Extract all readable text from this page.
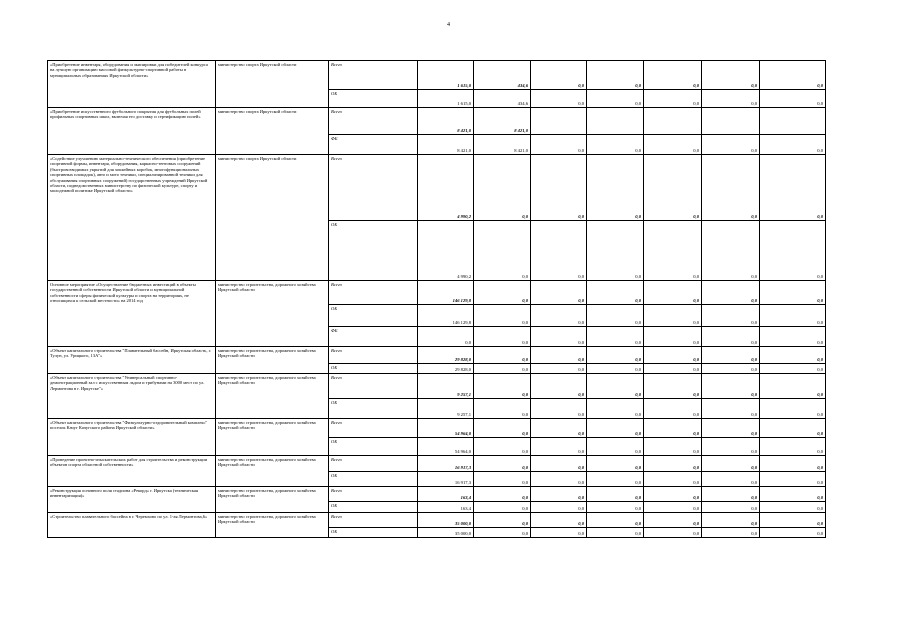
4
«Приобретение инвентаря, оборудования и экипировки для победителей конкурса на лучшую организацию массовой физкультурно-спортивной работы в муниципальных образованиях Иркутской области»	министерство спорта Иркутской области	Всего	1 615,0	434,6	0,0	0,0	0,0	0,0	0,0
		ОБ	1 615,0	434,6	0,0	0,0	0,0	0,0	0,0
«Приобретение искусственного футбольного покрытия для футбольных полей профильных спортивных школ, включая его доставку и сертификацию полей»	министерство спорта Иркутской области	Всего	8 421,0	8 421,0					
		ФБ	8 421,0	8 421,0	0,0	0,0	0,0	0,0	0,0
«Содействие улучшению материально-технического обеспечения (приобретение спортивной формы, инвентаря, оборудования, каркасно-тентовых сооружений (быстровозводимых укрытий для хоккейных коробок, многофункциональных спортивных площадок), авто и мото техники, специализированной техники для обслуживания спортивных сооружений) государственных учреждений Иркутской области, подведомственных министерству по физической культуре, спорту и молодежной политике Иркутской области»	министерство спорта Иркутской области	Всего	4 990,2	0,0	0,0	0,0	0,0	0,0	0,0
		ОБ	4 990,2	0,0	0,0	0,0	0,0	0,0	0,0
Основное мероприятие «Осуществление бюджетных инвестиций в объекты государственной собственности Иркутской области и муниципальной собственности сферы физической культуры и спорта на территориях, не относящихся к сельской местности» на 2014 год	министерство строительства, дорожного хозяйства Иркутской области	Всего	146 129,8	0,0	0,0	0,0	0,0	0,0	0,0
		ОБ	146 129,8	0,0	0,0	0,0	0,0	0,0	0,0
		ФБ	0,0	0,0	0,0	0,0	0,0	0,0	0,0
«Объект капитального строительства "Плавательный бассейн, Иркутская область, г. Тулун, ул. Урицкого, 13А"»	министерство строительства, дорожного хозяйства Иркутской области	Всего	29 828,0	0,0	0,0	0,0	0,0	0,0	0,0
		ОБ	29 828,0	0,0	0,0	0,0	0,0	0,0	0,0
«Объект капитального строительства "Универсальный спортивно-демонстрационный зал с искусственным льдом и трибунами на 3000 мест по ул. Лермонтова в г. Иркутске"»	министерство строительства, дорожного хозяйства Иркутской области	Всего	9 257,1	0,0	0,0	0,0	0,0	0,0	0,0
		ОБ	9 257,1	0,0	0,0	0,0	0,0	0,0	0,0
«Объект капитального строительства "Физкультурно-оздоровительный комплекс" поселок Качуг Качугского района Иркутской области»	министерство строительства, дорожного хозяйства Иркутской области	Всего	54 964,0	0,0	0,0	0,0	0,0	0,0	0,0
		ОБ	54 964,0	0,0	0,0	0,0	0,0	0,0	0,0
«Проведение проектно-изыскательских работ для строительства и реконструкции объектов спорта областной собственности»	министерство строительства, дорожного хозяйства Иркутской области	Всего	16 917,3	0,0	0,0	0,0	0,0	0,0	0,0
		ОБ	16 917,3	0,0	0,0	0,0	0,0	0,0	0,0
«Реконструкция основного поля стадиона «Рекорд» г. Иркутска (техническая инвентаризация)»	министерство строительства, дорожного хозяйства Иркутской области	Всего	163,4	0,0	0,0	0,0	0,0	0,0	0,0
		ОБ	163,4	0,0	0,0	0,0	0,0	0,0	0,0
«Строительство плавательного бассейна в г. Черемхово по ул. 1-ая Лермонтова,6»	министерство строительства, дорожного хозяйства Иркутской области	Всего	35 000,0	0,0	0,0	0,0	0,0	0,0	0,0
		ОБ	35 000,0	0,0	0,0	0,0	0,0	0,0	0,0
